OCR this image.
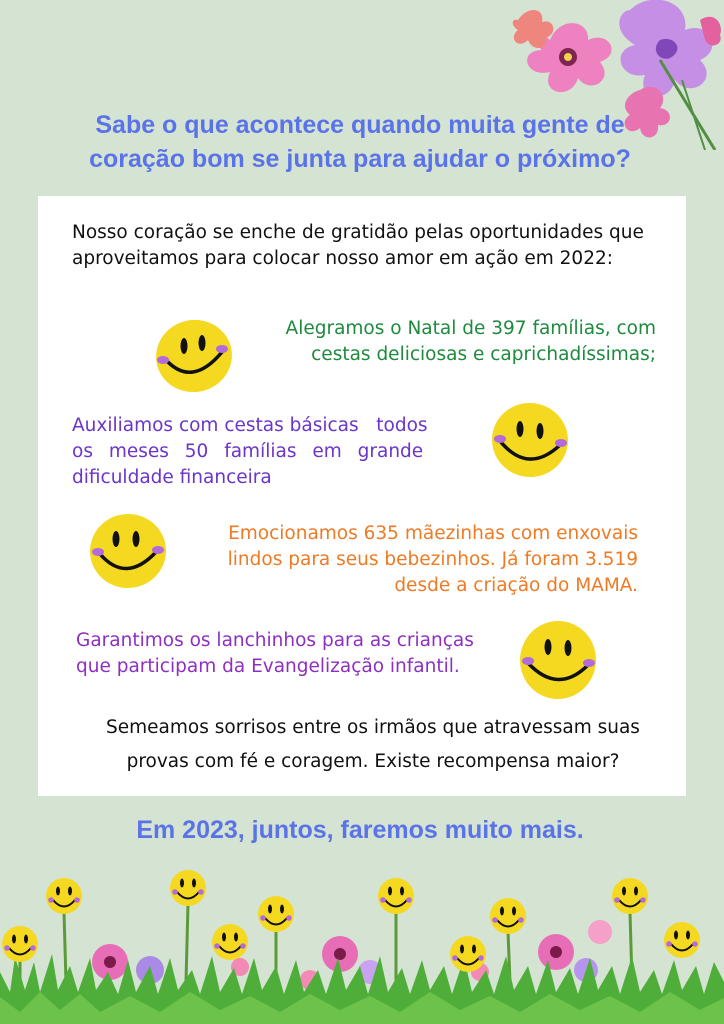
Sabe o que acontece quando muita gente de
coração bom se junta para ajudar o próximo?
Nosso coração se enche de gratidão pelas oportunidades que aproveitamos para colocar nosso amor em ação em 2022:
Alegramos o Natal de 397 famílias, com
cestas deliciosas e caprichadíssimas;
Auxiliamos com cestas básicas   todos
os meses 50 famílias em grande
dificuldade financeira
Emocionamos 635 mãezinhas com enxovais
lindos para seus bebezinhos. Já foram 3.519
desde a criação do MAMA.
Garantimos os lanchinhos para as crianças
que participam da Evangelização infantil.
Semeamos sorrisos entre os irmãos que atravessam suas
provas com fé e coragem. Existe recompensa maior?
Em 2023, juntos, faremos muito mais.
